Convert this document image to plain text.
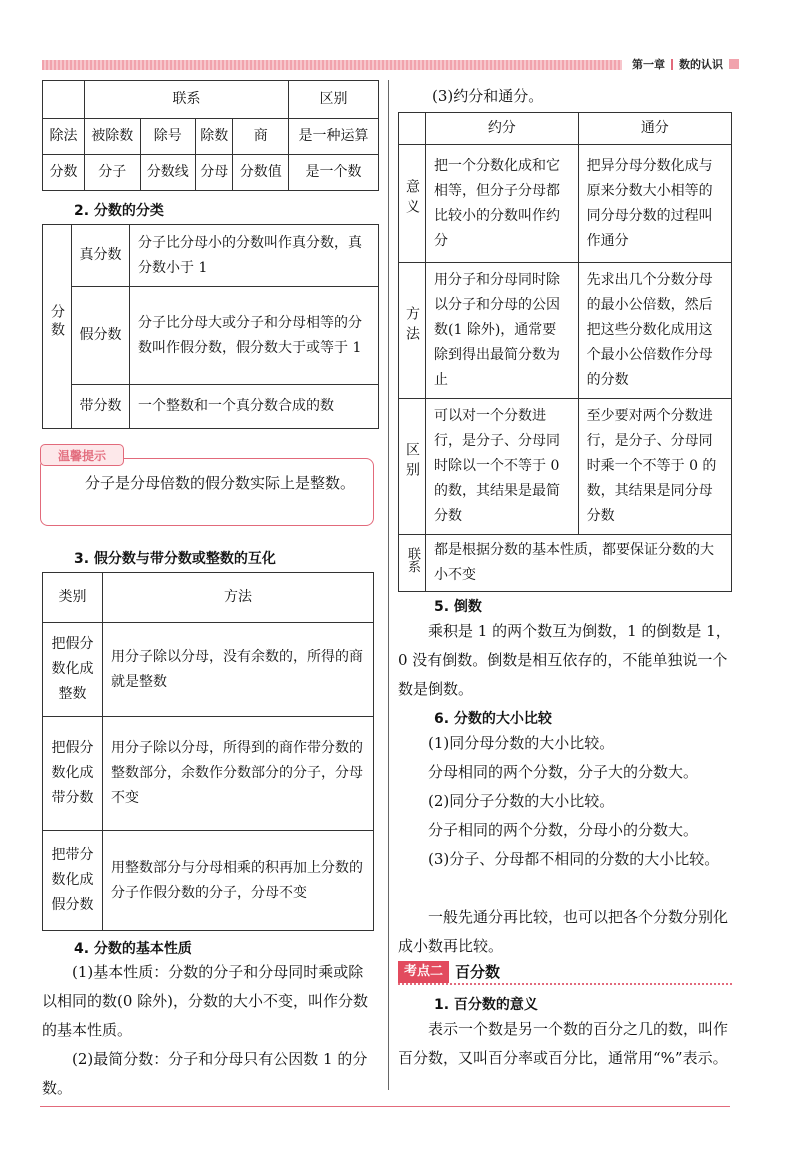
第一章 数的认识
	联系				区别
除法	被除数	除号	除数	商	是一种运算
分数	分子	分数线	分母	分数值	是一个数
2. 分数的分类
分数	真分数	分子比分母小的分数叫作真分数，真分数小于 1
	假分数	分子比分母大或分子和分母相等的分数叫作假分数，假分数大于或等于 1
	带分数	一个整数和一个真分数合成的数
分子是分母倍数的假分数实际上是整数。
温馨提示
3. 假分数与带分数或整数的互化
类别	方法
把假分数化成整数	用分子除以分母，没有余数的，所得的商就是整数
把假分数化成带分数	用分子除以分母，所得到的商作带分数的整数部分，余数作分数部分的分子，分母不变
把带分数化成假分数	用整数部分与分母相乘的积再加上分数的分子作假分数的分子，分母不变
4. 分数的基本性质
(1)基本性质：分数的分子和分母同时乘或除以相同的数(0 除外)，分数的大小不变，叫作分数的基本性质。
(2)最简分数：分子和分母只有公因数 1 的分数。
(3)约分和通分。
	约分	通分
意义	把一个分数化成和它相等，但分子分母都比较小的分数叫作约分	把异分母分数化成与原来分数大小相等的同分母分数的过程叫作通分
方法	用分子和分母同时除以分子和分母的公因数(1 除外)，通常要除到得出最简分数为止	先求出几个分数分母的最小公倍数，然后把这些分数化成用这个最小公倍数作分母的分数
区别	可以对一个分数进行，是分子、分母同时除以一个不等于 0 的数，其结果是最简分数	至少要对两个分数进行，是分子、分母同时乘一个不等于 0 的数，其结果是同分母分数
联系	都是根据分数的基本性质，都要保证分数的大小不变	
5. 倒数
乘积是 1 的两个数互为倒数，1 的倒数是 1，0 没有倒数。倒数是相互依存的，不能单独说一个数是倒数。
6. 分数的大小比较
(1)同分母分数的大小比较。
分母相同的两个分数，分子大的分数大。
(2)同分子分数的大小比较。
分子相同的两个分数，分母小的分数大。
(3)分子、分母都不相同的分数的大小比较。
一般先通分再比较，也可以把各个分数分别化成小数再比较。
考点二 百分数
1. 百分数的意义
表示一个数是另一个数的百分之几的数，叫作百分数，又叫百分率或百分比，通常用“%”表示。
